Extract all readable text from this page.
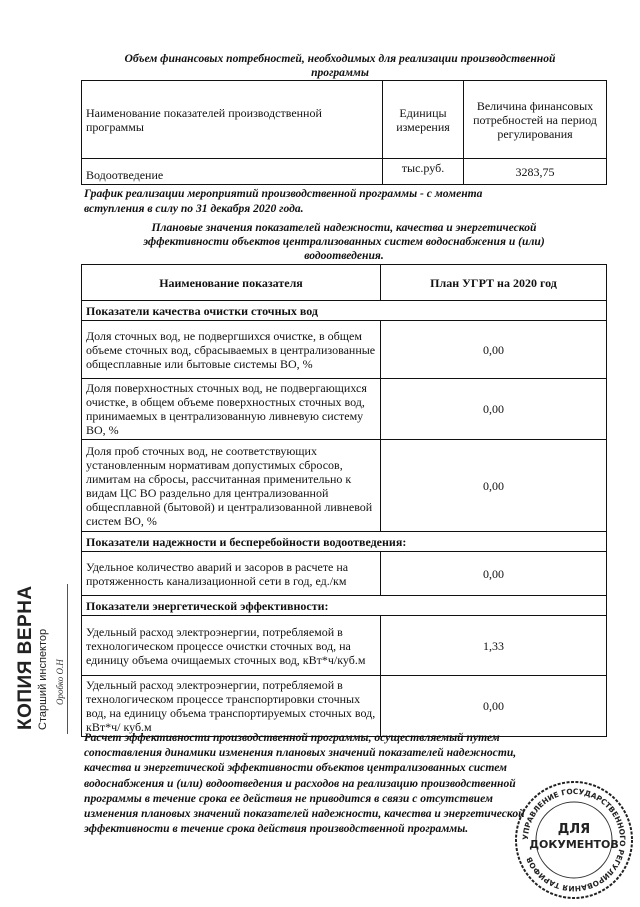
Объем финансовых потребностей, необходимых для реализации производственной
программы
Наименование показателей производственной программы	Единицы измерения	Величина финансовых потребностей на период регулирования
Водоотведение	тыс.руб.	3283,75
График реализации мероприятий производственной программы - с момента
вступления в силу по 31 декабря 2020 года.
Плановые значения показателей надежности, качества и энергетической
эффективности объектов централизованных систем водоснабжения и (или)
водоотведения.
Наименование показателя	План УГРТ на 2020 год
Показатели качества очистки сточных вод	
Доля сточных вод, не подвергшихся очистке, в общем объеме сточных вод, сбрасываемых в централизованные общесплавные или бытовые системы ВО, %	0,00
Доля поверхностных сточных вод, не подвергающихся очистке, в общем объеме поверхностных сточных вод, принимаемых в централизованную ливневую систему ВО, %	0,00
Доля проб сточных вод, не соответствующих установленным нормативам допустимых сбросов, лимитам на сбросы, рассчитанная применительно к видам ЦС ВО раздельно для централизованной общесплавной (бытовой) и централизованной ливневой систем ВО, %	0,00
Показатели надежности и бесперебойности водоотведения:	
Удельное количество аварий и засоров в расчете на протяженность канализационной сети в год, ед./км	0,00
Показатели энергетической эффективности:	
Удельный расход электроэнергии, потребляемой в технологическом процессе очистки сточных вод, на единицу объема очищаемых сточных вод, кВт*ч/куб.м	1,33
Удельный расход электроэнергии, потребляемой в технологическом процессе транспортировки сточных вод, на единицу объема транспортируемых сточных вод, кВт*ч/ куб.м	0,00
Расчет эффективности производственной программы, осуществляемый путем
сопоставления динамики изменения плановых значений показателей надежности,
качества и энергетической эффективности объектов централизованных систем
водоснабжения и (или) водоотведения и расходов на реализацию производственной
программы в течение срока ее действия не приводится в связи с отсутствием
изменения плановых значений показателей надежности, качества и энергетической
эффективности в течение срока действия производственной программы.
КОПИЯ ВЕРНА Старший инспектор Оробко О.Н
УПРАВЛЕНИЕ ГОСУДАРСТВЕННОГО РЕГУЛИРОВАНИЯ ТАРИФОВ
ДЛЯ
ДОКУМЕНТОВ
